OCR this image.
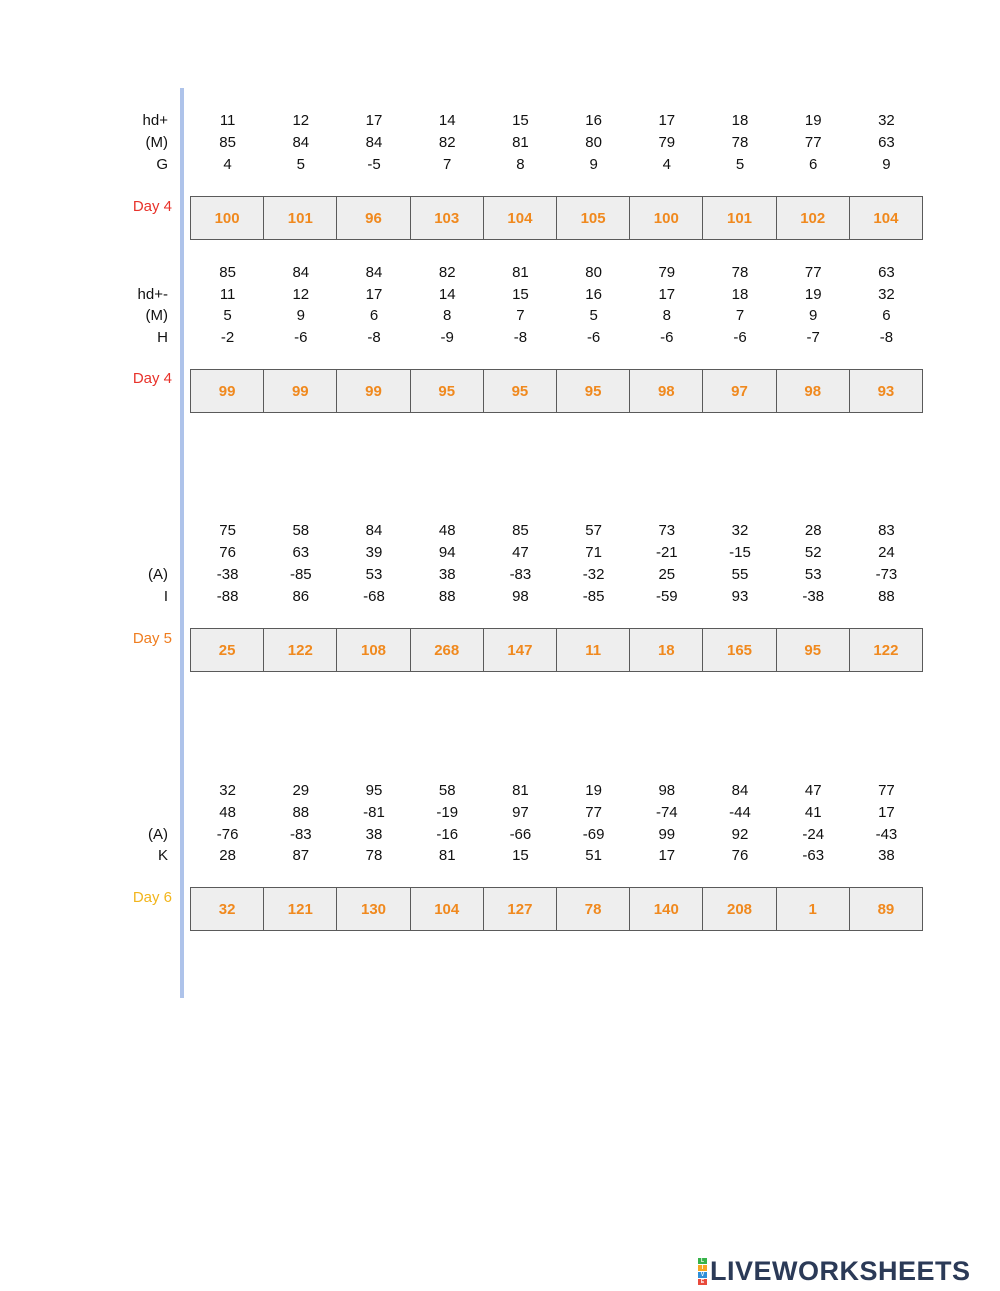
hd+	11	12	17	14	15	16	17	18	19	32
(M)	85	84	84	82	81	80	79	78	77	63
G	4	5	-5	7	8	9	4	5	6	9
Day 4
100	101	96	103	104	105	100	101	102	104
85	84	84	82	81	80	79	78	77	63
hd+-	11	12	17	14	15	16	17	18	19	32
(M)	5	9	6	8	7	5	8	7	9	6
H	-2	-6	-8	-9	-8	-6	-6	-6	-7	-8
Day 4
99	99	99	95	95	95	98	97	98	93
75	58	84	48	85	57	73	32	28	83
76	63	39	94	47	71	-21	-15	52	24
(A)	-38	-85	53	38	-83	-32	25	55	53	-73
I	-88	86	-68	88	98	-85	-59	93	-38	88
Day 5
25	122	108	268	147	11	18	165	95	122
32	29	95	58	81	19	98	84	47	77
48	88	-81	-19	97	77	-74	-44	41	17
(A)	-76	-83	38	-16	-66	-69	99	92	-24	-43
K	28	87	78	81	15	51	17	76	-63	38
Day 6
32	121	130	104	127	78	140	208	1	89
L
I
V
E LIVEWORKSHEETS
